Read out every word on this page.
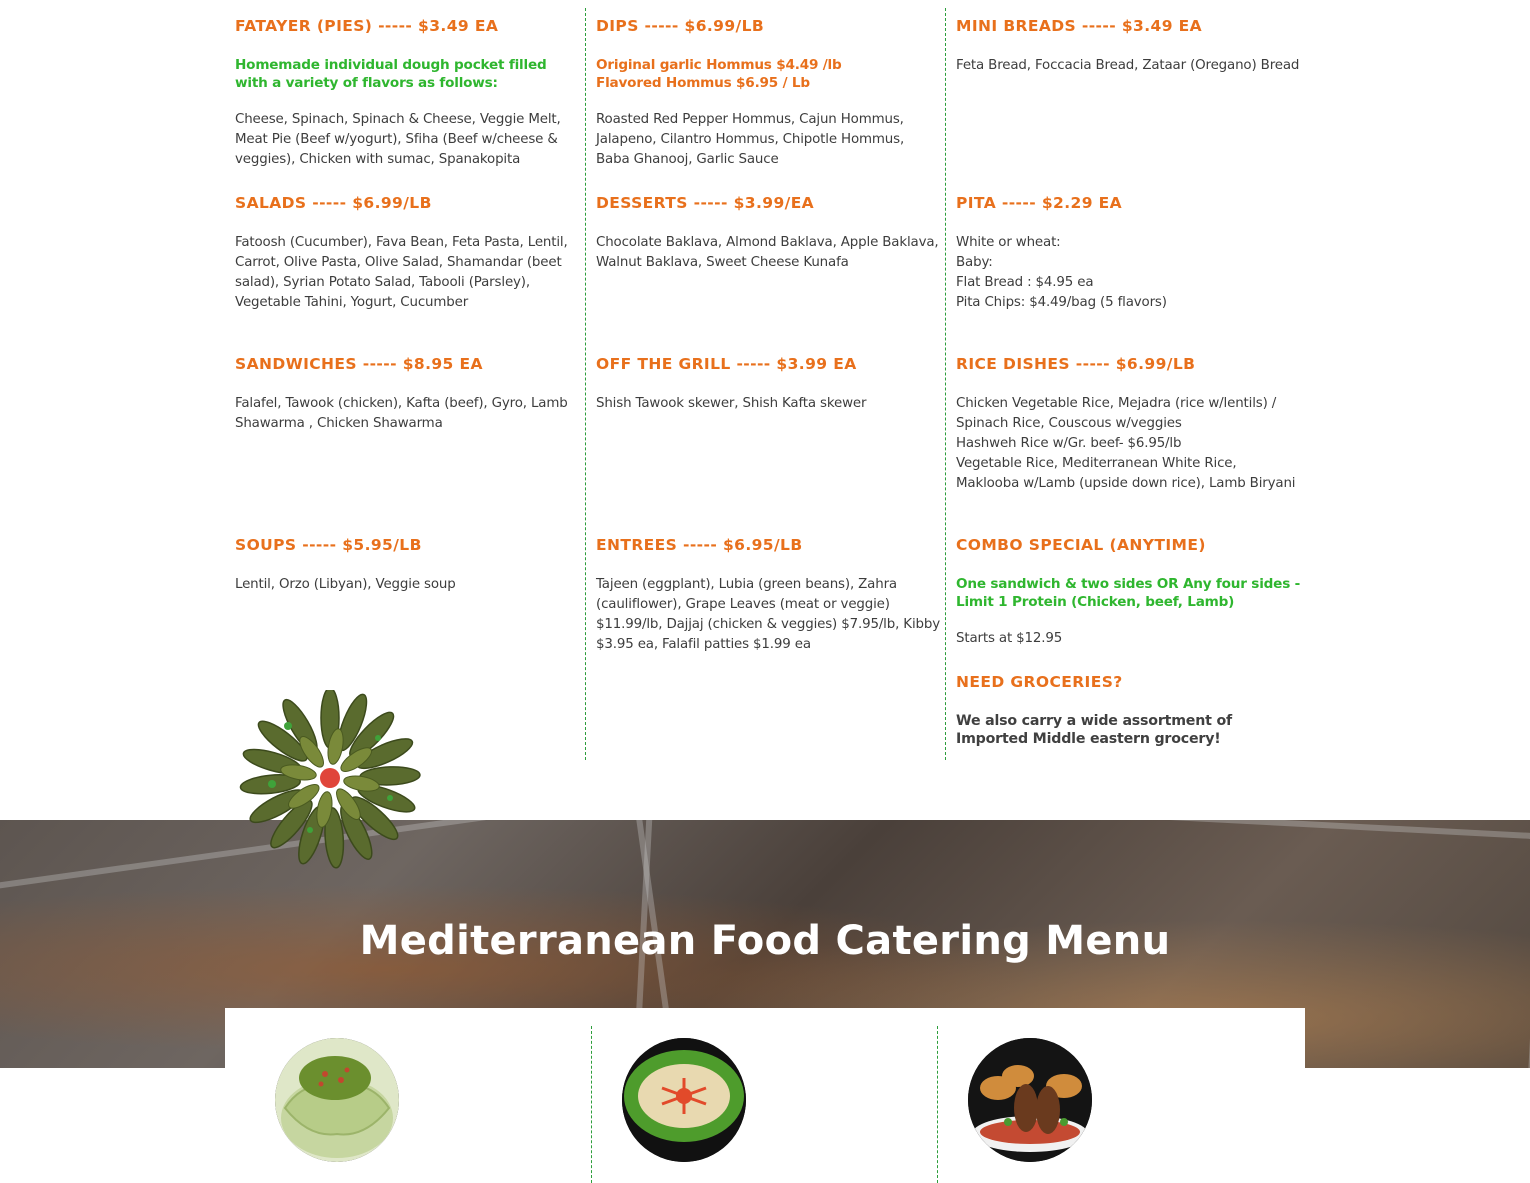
FATAYER (PIES) ----- $3.49 EA

Homemade individual dough pocket filled with a variety of flavors as follows:

Cheese, Spinach, Spinach & Cheese, Veggie Melt, Meat Pie (Beef w/yogurt), Sfiha (Beef w/cheese & veggies), Chicken with sumac, Spanakopita

SALADS ----- $6.99/LB

Fatoosh (Cucumber), Fava Bean, Feta Pasta, Lentil, Carrot, Olive Pasta, Olive Salad, Shamandar (beet salad), Syrian Potato Salad, Tabooli (Parsley), Vegetable Tahini, Yogurt, Cucumber

SANDWICHES ----- $8.95 EA

Falafel, Tawook (chicken), Kafta (beef), Gyro, Lamb Shawarma , Chicken Shawarma

SOUPS ----- $5.95/LB

Lentil, Orzo (Libyan), Veggie soup

DIPS ----- $6.99/LB

Original garlic Hommus $4.49 /lb
Flavored Hommus $6.95 / Lb

Roasted Red Pepper Hommus, Cajun Hommus, Jalapeno, Cilantro Hommus, Chipotle Hommus, Baba Ghanooj, Garlic Sauce

DESSERTS ----- $3.99/EA

Chocolate Baklava, Almond Baklava, Apple Baklava, Walnut Baklava, Sweet Cheese Kunafa

OFF THE GRILL ----- $3.99 EA

Shish Tawook skewer, Shish Kafta skewer

ENTREES ----- $6.95/LB

Tajeen (eggplant), Lubia (green beans), Zahra (cauliflower), Grape Leaves (meat or veggie) $11.99/lb, Dajjaj (chicken & veggies) $7.95/lb, Kibby $3.95 ea, Falafil patties $1.99 ea

MINI BREADS ----- $3.49 EA

Feta Bread, Foccacia Bread, Zataar (Oregano) Bread

PITA ----- $2.29 EA

White or wheat:
Baby:
Flat Bread : $4.95 ea
Pita Chips: $4.49/bag (5 flavors)

RICE DISHES ----- $6.99/LB

Chicken Vegetable Rice, Mejadra (rice w/lentils) /
Spinach Rice, Couscous w/veggies
Hashweh Rice w/Gr. beef- $6.95/lb
Vegetable Rice, Mediterranean White Rice,
Maklooba w/Lamb (upside down rice), Lamb Biryani

COMBO SPECIAL (ANYTIME)

One sandwich & two sides OR Any four sides - Limit 1 Protein (Chicken, beef, Lamb)

Starts at $12.95

NEED GROCERIES?

We also carry a wide assortment of Imported Middle eastern grocery!

Mediterranean Food Catering Menu
